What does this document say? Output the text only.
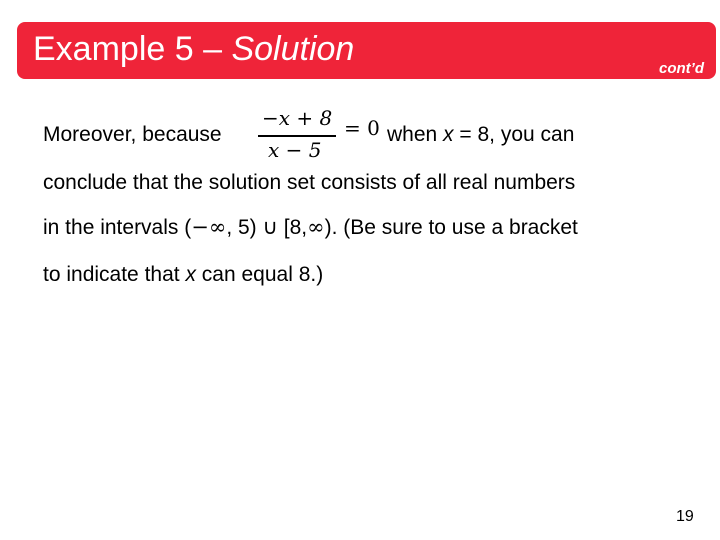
Example 5 – Solution
cont’d
Moreover, because
−x + 8
x − 5
= 0 when x = 8, you can
conclude that the solution set consists of all real numbers
in the intervals (−∞, 5) ∪ [8,∞). (Be sure to use a bracket
to indicate that x can equal 8.)
19
